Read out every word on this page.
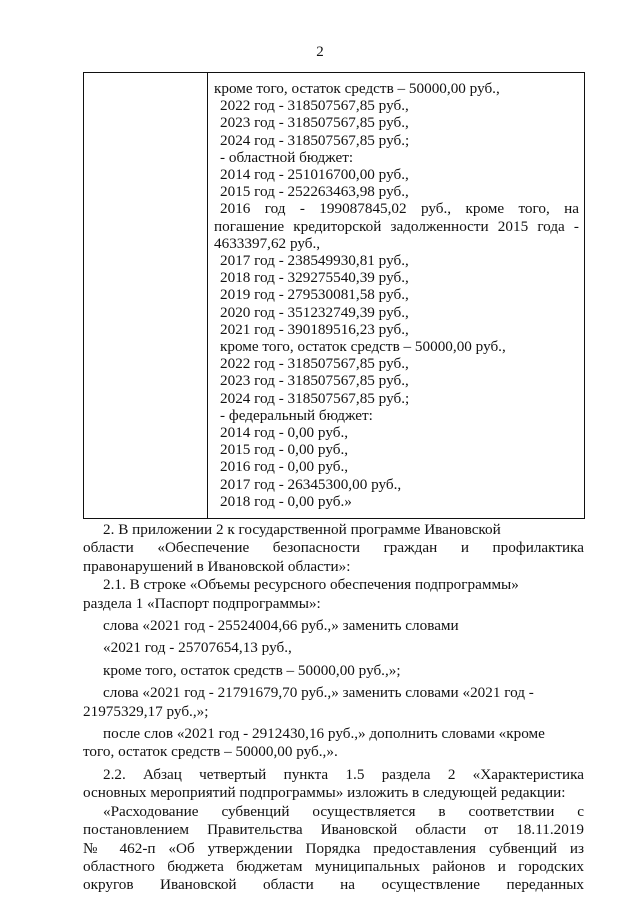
2
кроме того, остаток средств – 50000,00 руб.,
2022 год - 318507567,85 руб.,
2023 год - 318507567,85 руб.,
2024 год - 318507567,85 руб.;
- областной бюджет:
2014 год - 251016700,00 руб.,
2015 год - 252263463,98 руб.,
2016 год - 199087845,02 руб., кроме того, на
погашение кредиторской задолженности 2015 года -
4633397,62 руб.,
2017 год - 238549930,81 руб.,
2018 год - 329275540,39 руб.,
2019 год - 279530081,58 руб.,
2020 год - 351232749,39 руб.,
2021 год - 390189516,23 руб.,
кроме того, остаток средств – 50000,00 руб.,
2022 год - 318507567,85 руб.,
2023 год - 318507567,85 руб.,
2024 год - 318507567,85 руб.;
- федеральный бюджет:
2014 год - 0,00 руб.,
2015 год - 0,00 руб.,
2016 год - 0,00 руб.,
2017 год - 26345300,00 руб.,
2018 год - 0,00 руб.»

2. В приложении 2 к государственной программе Ивановской
области «Обеспечение безопасности граждан и профилактика
правонарушений в Ивановской области»:

2.1. В строке «Объемы ресурсного обеспечения подпрограммы»
раздела 1 «Паспорт подпрограммы»:

слова «2021 год - 25524004,66 руб.,» заменить словами

«2021 год - 25707654,13 руб.,

кроме того, остаток средств – 50000,00 руб.,»;

слова «2021 год - 21791679,70 руб.,» заменить словами «2021 год -
21975329,17 руб.,»;

после слов «2021 год - 2912430,16 руб.,» дополнить словами «кроме
того, остаток средств – 50000,00 руб.,».

2.2. Абзац четвертый пункта 1.5 раздела 2 «Характеристика
основных мероприятий подпрограммы» изложить в следующей редакции:

«Расходование субвенций осуществляется в соответствии с
постановлением Правительства Ивановской области от 18.11.2019
№ 462-п «Об утверждении Порядка предоставления субвенций из
областного бюджета бюджетам муниципальных районов и городских
округов Ивановской области на осуществление переданных
